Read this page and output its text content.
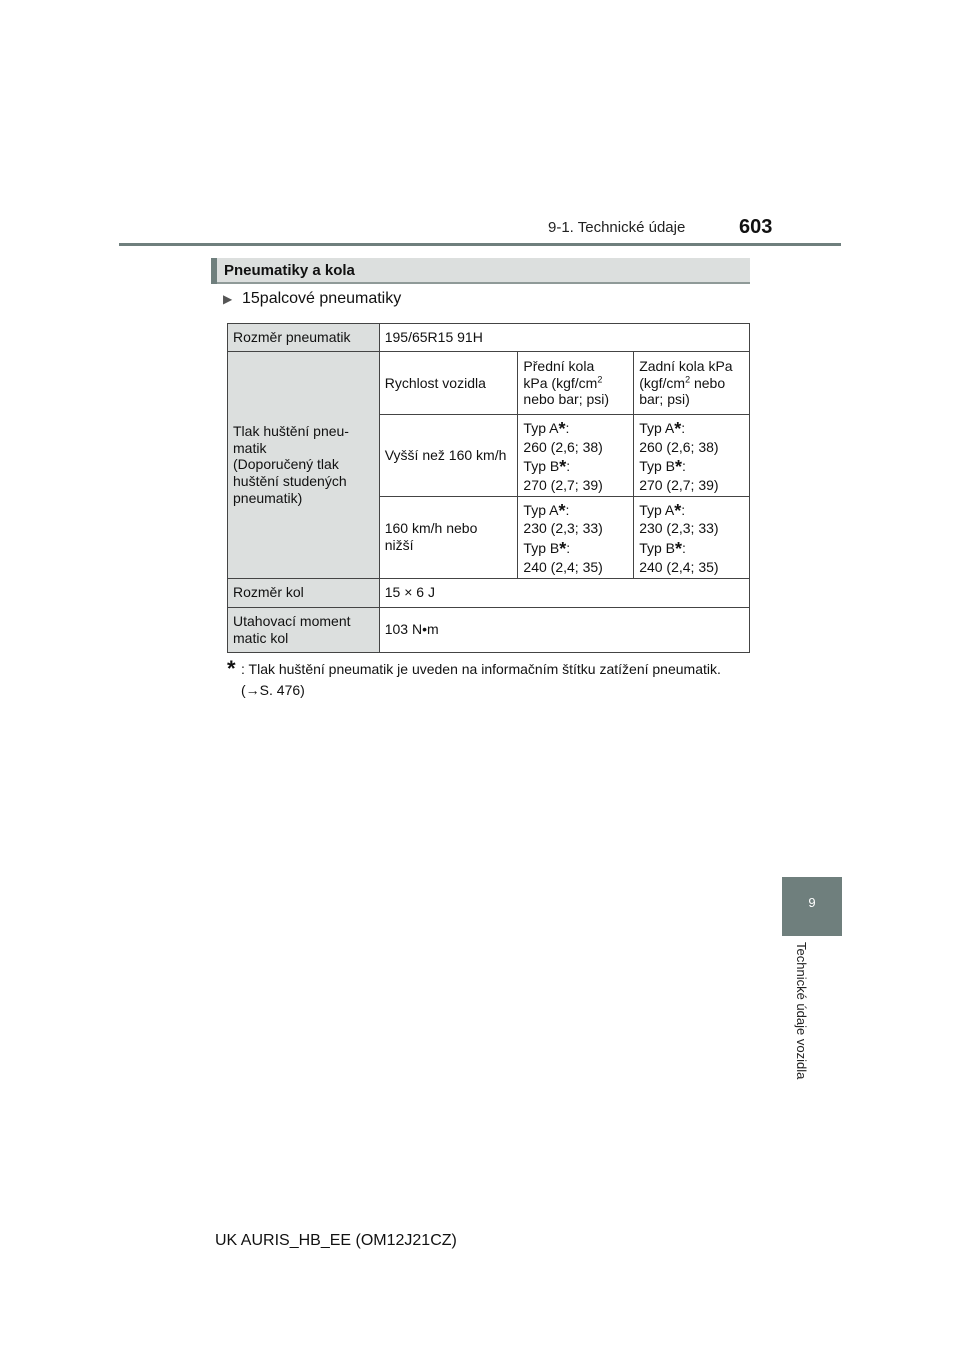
9-1. Technické údaje	603
9
Technické údaje vozidla
Pneumatiky a kola
▶ 15palcové pneumatiky
Rozměr pneumatik	195/65R15 91H		
Tlak huštění pneu-
matik
(Doporučený tlak
huštění studených
pneumatik)	Rychlost vozidla	Přední kola
kPa ($kgf/cm^2$
nebo bar; psi)	Zadní kola kPa
($kgf/cm^2$ nebo
bar; psi)
	Vyšší než 160 km/h	Typ A*:
260 (2,6; 38)
Typ B*:
270 (2,7; 39)	Typ A*:
260 (2,6; 38)
Typ B*:
270 (2,7; 39)
	160 km/h nebo
nižší	Typ A*:
230 (2,3; 33)
Typ B*:
240 (2,4; 35)	Typ A*:
230 (2,3; 33)
Typ B*:
240 (2,4; 35)
Rozměr kol	15 × 6 J		
Utahovací moment
matic kol	103 N•m		
* : Tlak huštění pneumatik je uveden na informačním štítku zatížení pneumatik.
(→S. 476)
UK AURIS_HB_EE (OM12J21CZ)
